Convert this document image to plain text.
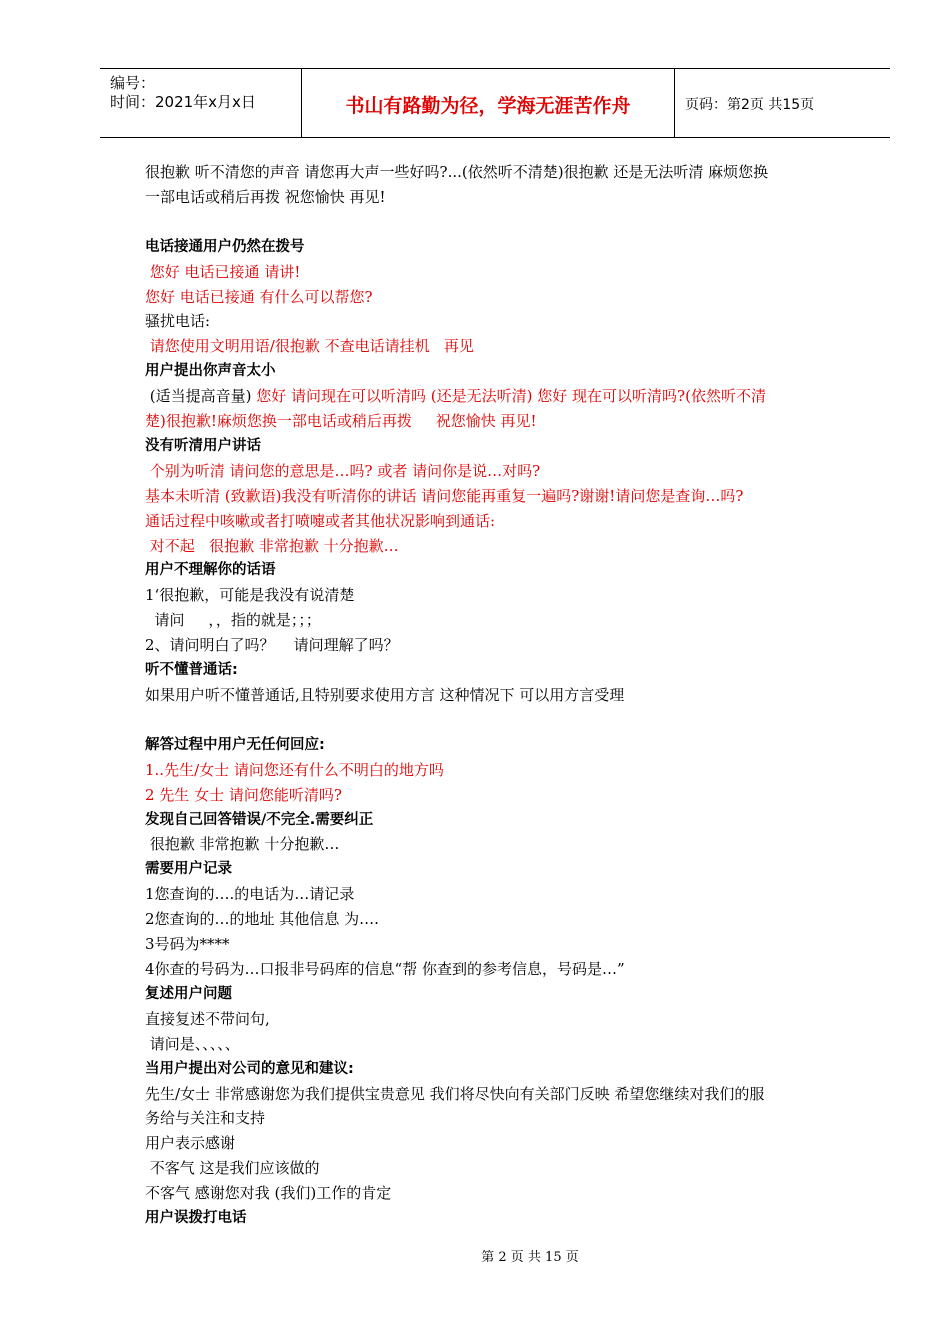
编号：
时间：2021年x月x日	书山有路勤为径，学海无涯苦作舟	页码：第2页 共15页
很抱歉 听不清您的声音 请您再大声一些好吗?...(依然听不清楚)很抱歉 还是无法听清 麻烦您换
一部电话或稍后再拨 祝您愉快 再见!
电话接通用户仍然在拨号
您好 电话已接通 请讲!
您好 电话已接通 有什么可以帮您?
骚扰电话:
请您使用文明用语/很抱歉 不查电话请挂机   再见
用户提出你声音太小
(适当提高音量) 您好 请问现在可以听清吗 (还是无法听清) 您好 现在可以听清吗?(依然听不清
楚)很抱歉!麻烦您换一部电话或稍后再拨     祝您愉快 再见!
没有听清用户讲话
个别为听清 请问您的意思是…吗? 或者 请问你是说…对吗?
基本未听清 (致歉语)我没有听清你的讲话 请问您能再重复一遍吗?谢谢!请问您是查询…吗?
通话过程中咳嗽或者打喷嚏或者其他状况影响到通话:
对不起   很抱歉 非常抱歉 十分抱歉…
用户不理解你的话语
1‘很抱歉，可能是我没有说清楚
请问     ，，指的就是；；；
2、请问明白了吗？    请问理解了吗？
听不懂普通话:
如果用户听不懂普通话,且特别要求使用方言 这种情况下 可以用方言受理
解答过程中用户无任何回应:
1..先生/女士 请问您还有什么不明白的地方吗
2 先生 女士 请问您能听清吗?
发现自己回答错误/不完全.需要纠正
很抱歉 非常抱歉 十分抱歉…
需要用户记录
1您查询的….的电话为…请记录
2您查询的…的地址 其他信息 为….
3号码为****
4你查的号码为…口报非号码库的信息“帮 你查到的参考信息，号码是…”
复述用户问题
直接复述不带问句,
请问是、、、、、
当用户提出对公司的意见和建议:
先生/女士 非常感谢您为我们提供宝贵意见 我们将尽快向有关部门反映 希望您继续对我们的服
务给与关注和支持
用户表示感谢
不客气 这是我们应该做的
不客气 感谢您对我 (我们)工作的肯定
用户误拨打电话
第 2 页 共 15 页
